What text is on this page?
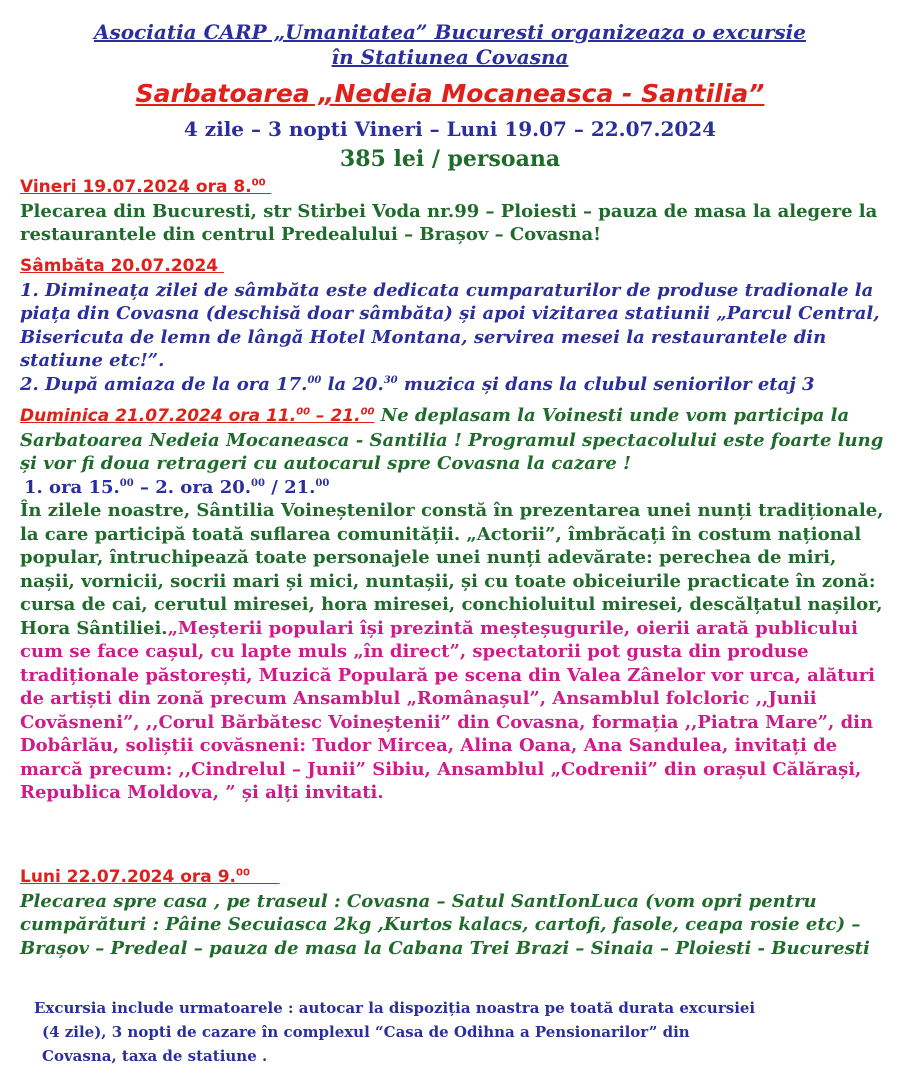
Asociatia CARP „Umanitatea” Bucuresti organizeaza o excursie
în Statiunea Covasna
Sarbatoarea „Nedeia Mocaneasca - Santilia”
4 zile – 3 nopti Vineri – Luni 19.07 – 22.07.2024
385 lei / persoana
Vineri 19.07.2024 ora 8.00

Plecarea din Bucuresti, str Stirbei Voda nr.99 – Ploiesti – pauza de masa la alegere la restaurantele din centrul Predealului – Brașov – Covasna!

Sâmbăta 20.07.2024

1. Dimineața zilei de sâmbăta este dedicata cumparaturilor de produse tradionale la piața din Covasna (deschisă doar sâmbăta) și apoi vizitarea statiunii „Parcul Central, Bisericuta de lemn de lângă Hotel Montana, servirea mesei la restaurantele din statiune etc!”.

2. După amiaza de la ora 17.00 la 20.30 muzica și dans la clubul seniorilor etaj 3

Duminica 21.07.2024 ora 11.00 – 21.00 Ne deplasam la Voinesti unde vom participa la Sarbatoarea Nedeia Mocaneasca - Santilia ! Programul spectacolului este foarte lung și vor fi doua retrageri cu autocarul spre Covasna la cazare !

1. ora 15.00 – 2. ora 20.00 / 21.00

În zilele noastre, Sântilia Voineștenilor constă în prezentarea unei nunți tradiționale, la care participă toată suflarea comunității. „Actorii”, îmbrăcați în costum național popular, întruchipează toate personajele unei nunți adevărate: perechea de miri, nașii, vornicii, socrii mari și mici, nuntașii, și cu toate obiceiurile practicate în zonă: cursa de cai, cerutul miresei, hora miresei, conchioluitul miresei, descălțatul nașilor, Hora Sântiliei.„Meșterii populari își prezintă meșteșugurile, oierii arată publicului cum se face cașul, cu lapte muls „în direct”, spectatorii pot gusta din produse tradiționale păstorești, Muzică Populară pe scena din Valea Zânelor vor urca, alături de artiști din zonă precum Ansamblul „Românașul”, Ansamblul folcloric ,,Junii Covăsneni”, ,,Corul Bărbătesc Voineștenii” din Covasna, formația ,,Piatra Mare”, din Dobârlău, soliștii covăsneni: Tudor Mircea, Alina Oana, Ana Sandulea, invitați de marcă precum: ,,Cindrelul – Junii” Sibiu, Ansamblul „Codrenii” din orașul Călărași, Republica Moldova, ” și alți invitati.

Luni 22.07.2024 ora 9.00

Plecarea spre casa , pe traseul : Covasna – Satul SantIonLuca (vom opri pentru cumpărături : Pâine Secuiasca 2kg ,Kurtos kalacs, cartofi, fasole, ceapa rosie etc) – Brașov – Predeal – pauza de masa la Cabana Trei Brazi – Sinaia – Ploiesti - Bucuresti

Excursia include urmatoarele : autocar la dispoziția noastra pe toată durata excursiei
(4 zile), 3 nopti de cazare în complexul “Casa de Odihna a Pensionarilor” din
Covasna, taxa de statiune .
